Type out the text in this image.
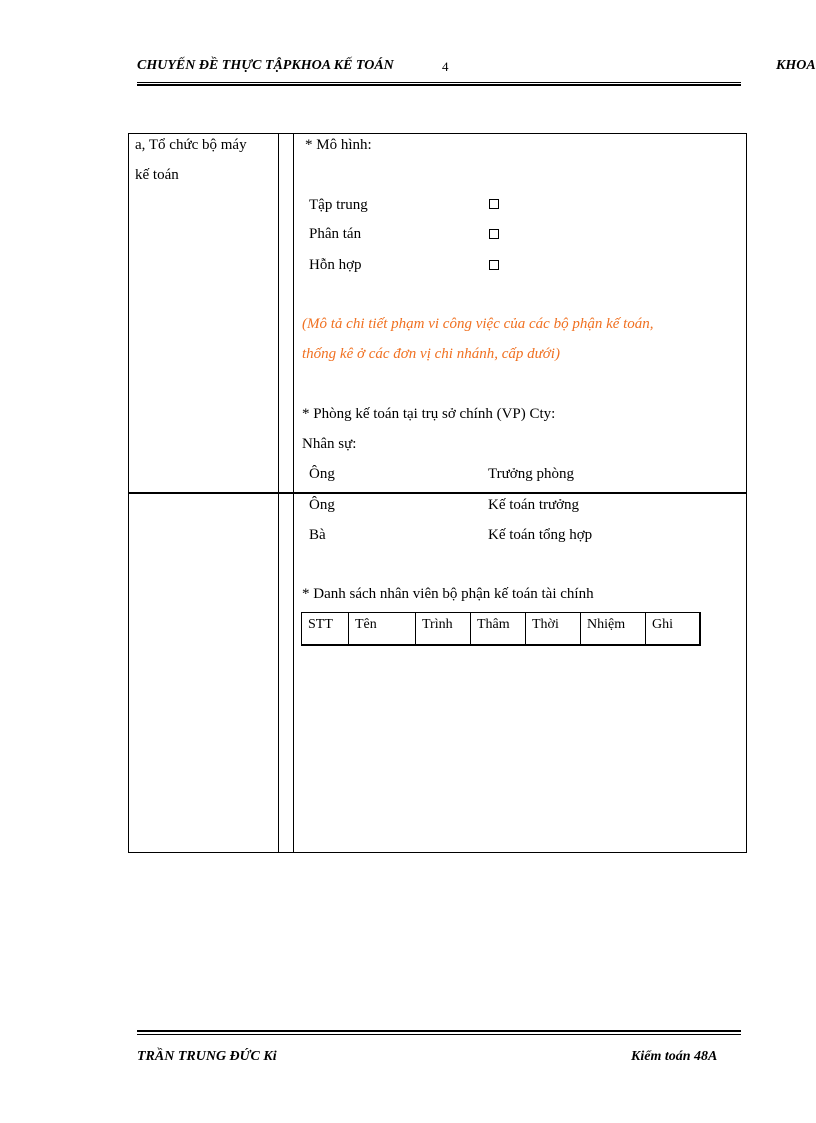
CHUYẾN ĐỀ THỰC TẬPKHOA KẾ TOÁN	4	KHOA
a, Tổ chức bộ máy
kế toán
* Mô hình:
Tập trung
Phân tán
Hỗn hợp
(Mô tả chi tiết phạm vi công việc của các bộ phận kế toán,
thống kê ở các đơn vị chi nhánh, cấp dưới)
* Phòng kế toán tại trụ sở chính (VP) Cty:
Nhân sự:
Ông	Trưởng phòng
Ông	Kế toán trưởng
Bà	Kế toán tổng hợp
* Danh sách nhân viên bộ phận kế toán tài chính
STT	Tên	Trình	Thâm	Thời	Nhiệm	Ghi
TRẦN TRUNG ĐỨC Ki	Kiểm toán 48A
